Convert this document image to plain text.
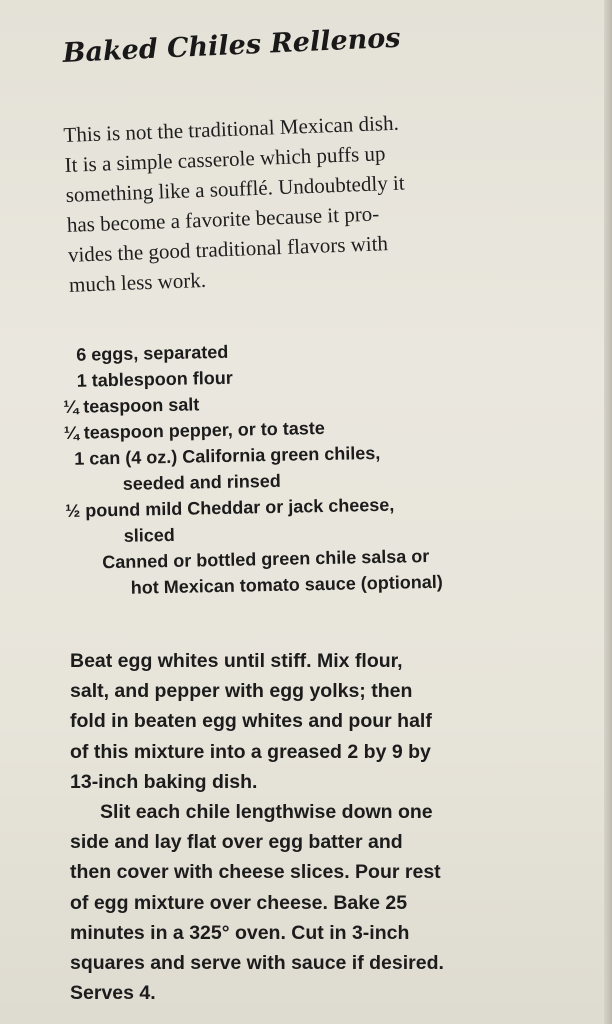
Baked Chiles Rellenos
This is not the traditional Mexican dish.
It is a simple casserole which puffs up
something like a soufflé. Undoubtedly it
has become a favorite because it pro-
vides the good traditional flavors with
much less work.
6 eggs, separated
1 tablespoon flour
¼ teaspoon salt
¼ teaspoon pepper, or to taste
1 can (4 oz.) California green chiles,
seeded and rinsed
½ pound mild Cheddar or jack cheese,
sliced
Canned or bottled green chile salsa or
hot Mexican tomato sauce (optional)
Beat egg whites until stiff. Mix flour,
salt, and pepper with egg yolks; then
fold in beaten egg whites and pour half
of this mixture into a greased 2 by 9 by
13-inch baking dish.
Slit each chile lengthwise down one
side and lay flat over egg batter and
then cover with cheese slices. Pour rest
of egg mixture over cheese. Bake 25
minutes in a 325° oven. Cut in 3-inch
squares and serve with sauce if desired.
Serves 4.
